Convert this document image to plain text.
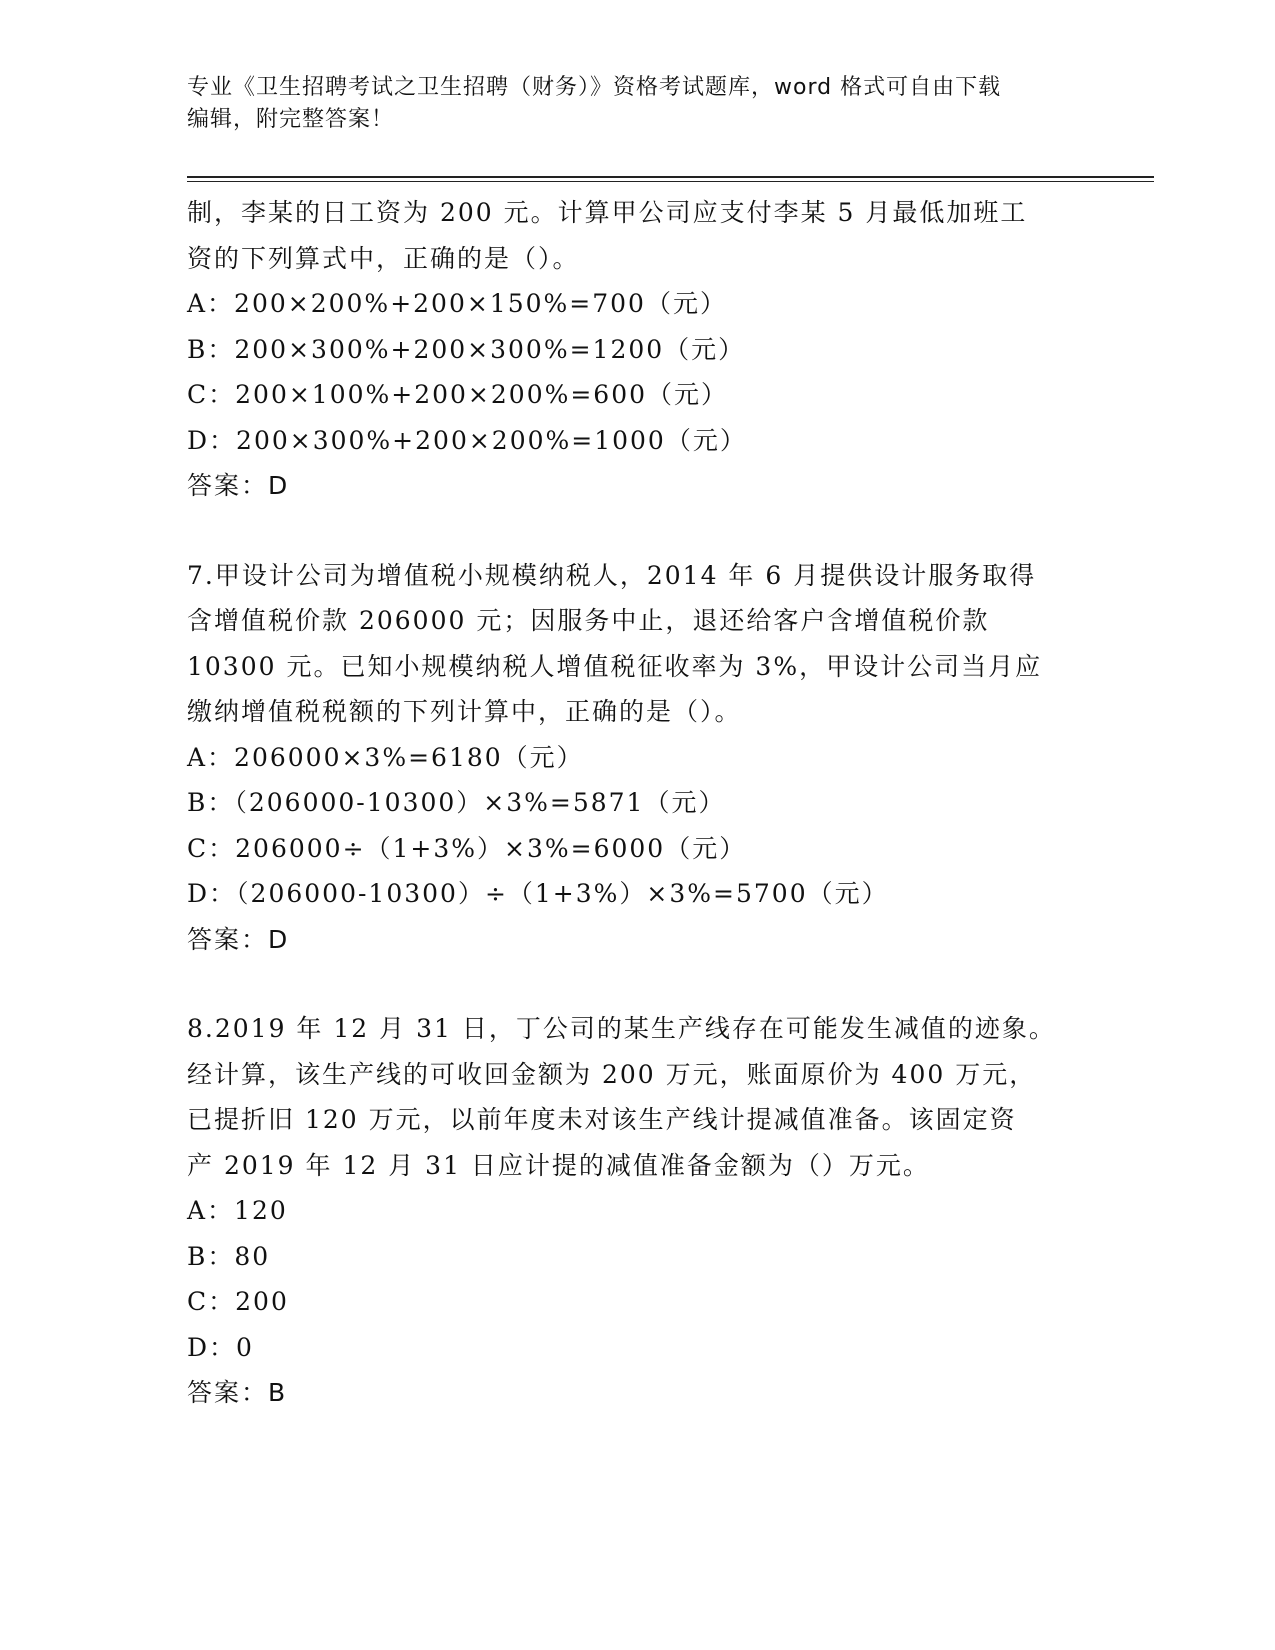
专业《卫生招聘考试之卫生招聘（财务）》资格考试题库，word 格式可自由下载
编辑，附完整答案！
制，李某的日工资为 200 元。计算甲公司应支付李某 5 月最低加班工
资的下列算式中，正确的是（）。
A：200×200%+200×150%=700（元）
B：200×300%+200×300%=1200（元）
C：200×100%+200×200%=600（元）
D：200×300%+200×200%=1000（元）
答案：D
7.甲设计公司为增值税小规模纳税人，2014 年 6 月提供设计服务取得
含增值税价款 206000 元；因服务中止，退还给客户含增值税价款
10300 元。已知小规模纳税人增值税征收率为 3%，甲设计公司当月应
缴纳增值税税额的下列计算中，正确的是（）。
A：206000×3%=6180（元）
B：（206000-10300）×3%=5871（元）
C：206000÷（1+3%）×3%=6000（元）
D：（206000-10300）÷（1+3%）×3%=5700（元）
答案：D
8.2019 年 12 月 31 日，丁公司的某生产线存在可能发生减值的迹象。
经计算，该生产线的可收回金额为 200 万元，账面原价为 400 万元，
已提折旧 120 万元，以前年度未对该生产线计提减值准备。该固定资
产 2019 年 12 月 31 日应计提的减值准备金额为（）万元。
A：120
B：80
C：200
D：0
答案：B
